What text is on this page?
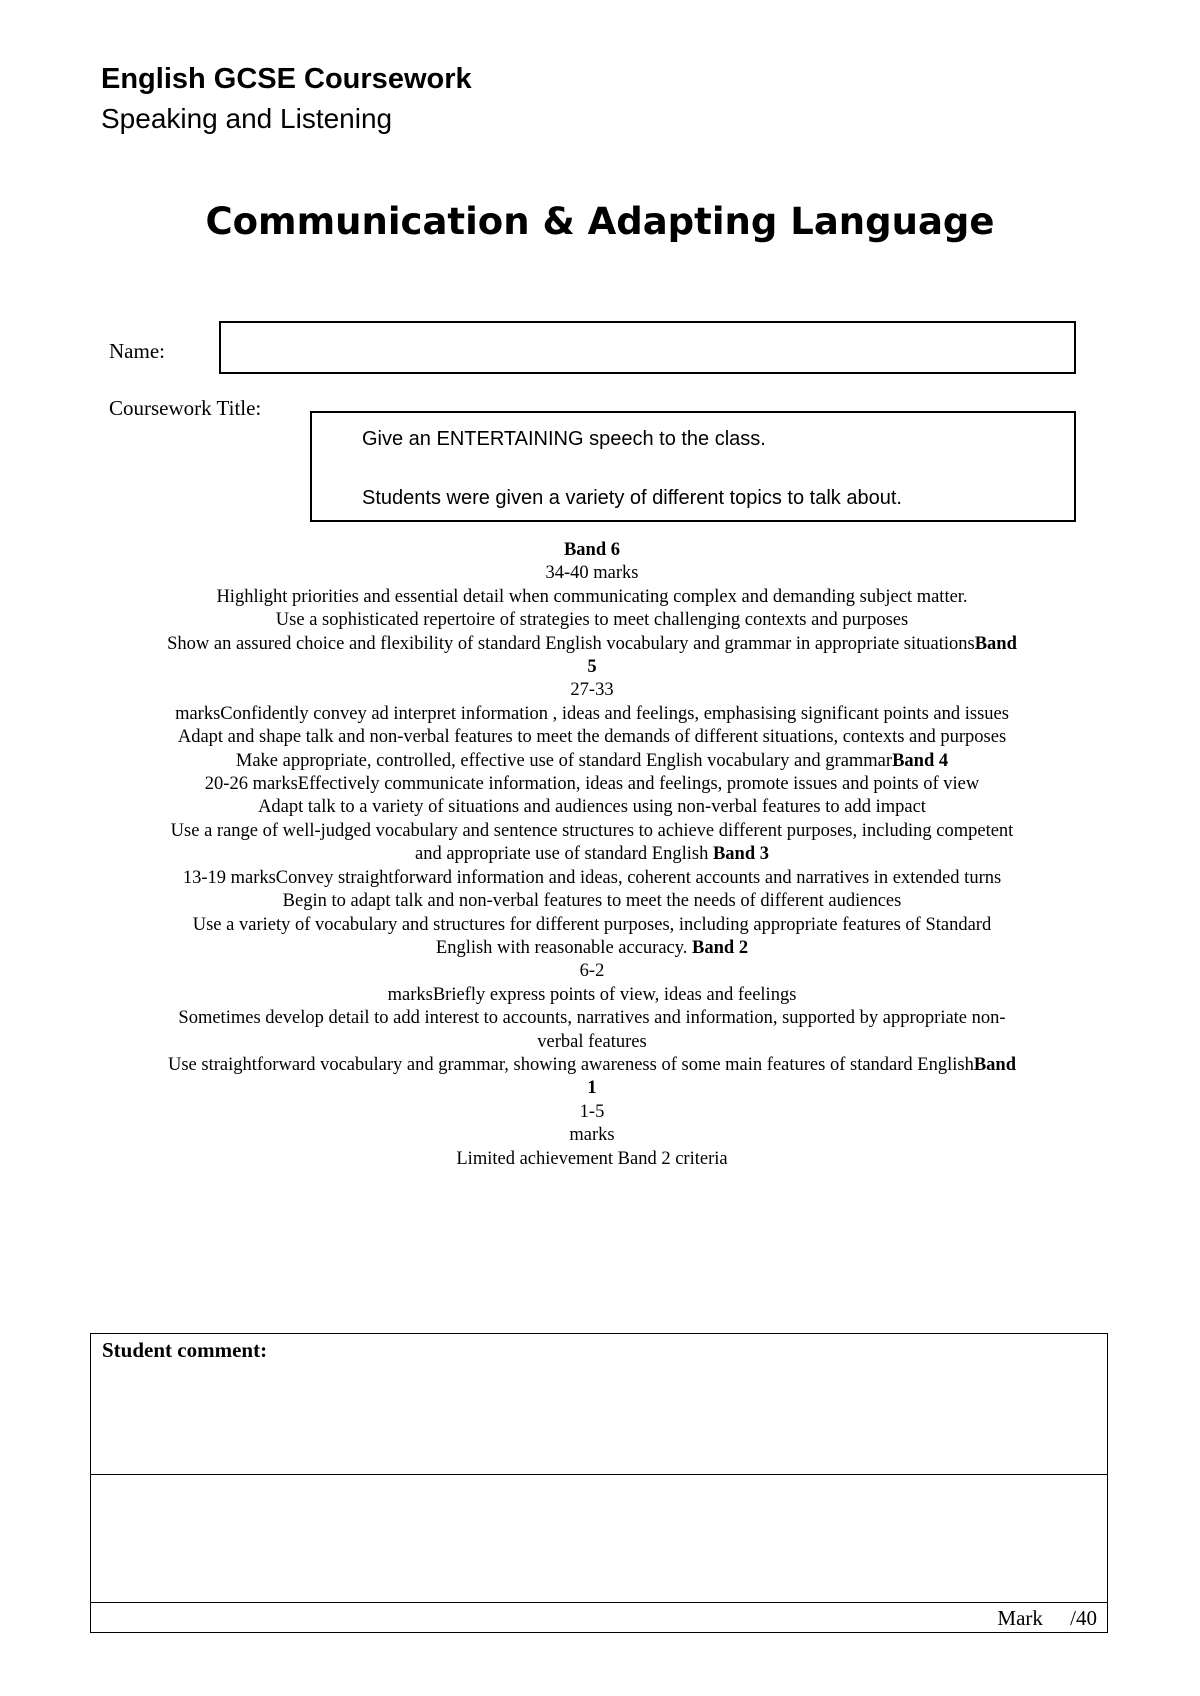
English GCSE Coursework
Speaking and Listening
Communication & Adapting Language
Name:
Coursework Title:
Give an ENTERTAINING speech to the class.
Students were given a variety of different topics to talk about.

Band 6

34-40 marks

Highlight priorities and essential detail when communicating complex and demanding subject matter.

Use a sophisticated repertoire of strategies to meet challenging contexts and purposes

Show an assured choice and flexibility of standard English vocabulary and grammar in appropriate situationsBand

5

27-33

marksConfidently convey ad interpret information , ideas and feelings, emphasising significant points and issues

Adapt and shape talk and non-verbal features to meet the demands of different situations, contexts and purposes

Make appropriate, controlled, effective use of standard English vocabulary and grammarBand 4

20-26 marksEffectively communicate information, ideas and feelings, promote issues and points of view

Adapt talk to a variety of situations and audiences using non-verbal features to add impact

Use a range of well-judged vocabulary and sentence structures to achieve different purposes, including competent

and appropriate use of standard English Band 3

13-19 marksConvey straightforward information and ideas, coherent accounts and narratives in extended turns

Begin to adapt talk and non-verbal features to meet the needs of different audiences

Use a variety of vocabulary and structures for different purposes, including appropriate features of Standard

English with reasonable accuracy. Band 2

6-2

marksBriefly express points of view, ideas and feelings

Sometimes develop detail to add interest to accounts, narratives and information, supported by appropriate non-

verbal features

Use straightforward vocabulary and grammar, showing awareness of some main features of standard EnglishBand

1

1-5

marks

Limited achievement Band 2 criteria

Student comment:
Mark /40
